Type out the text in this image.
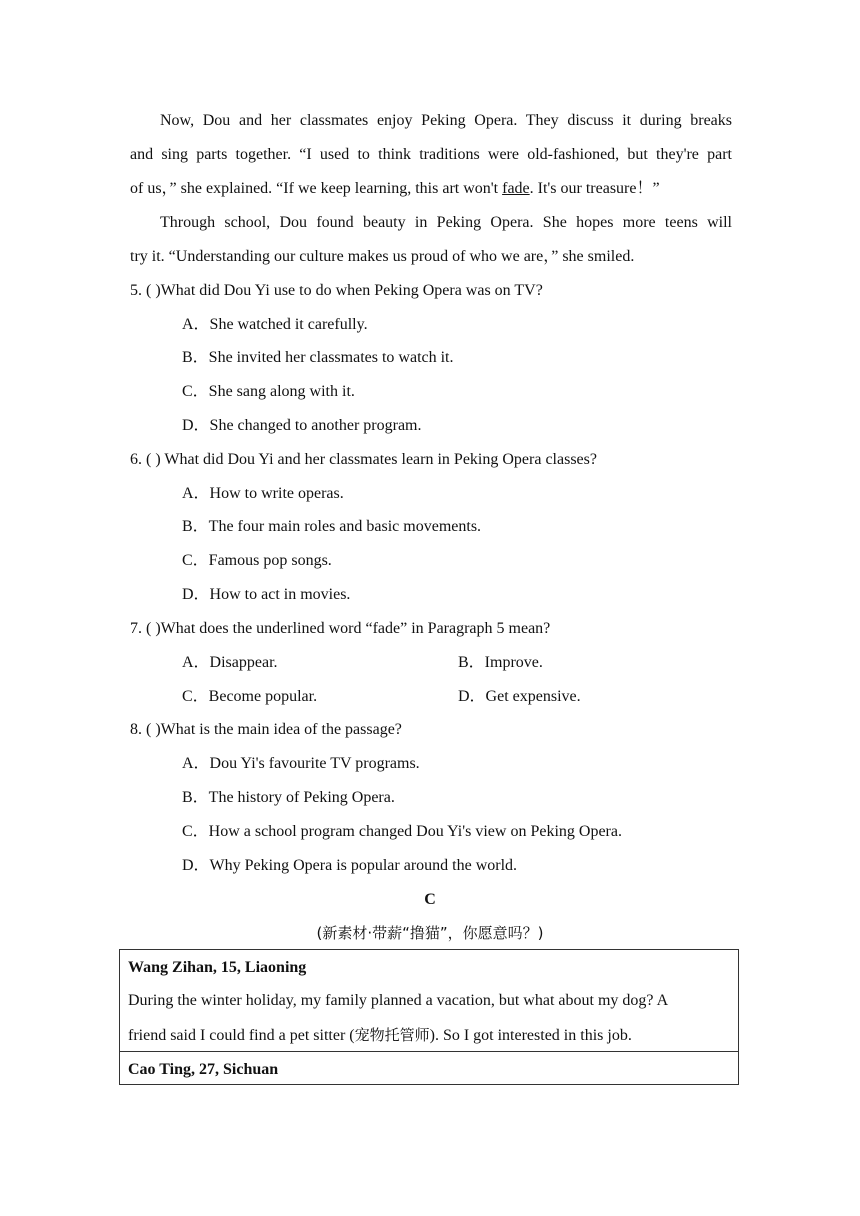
Now, Dou and her classmates enjoy Peking Opera. They discuss it during breaks
and sing parts together. “I used to think traditions were old-fashioned, but they're part
of us，” she explained. “If we keep learning, this art won't fade. It's our treasure！”
Through school, Dou found beauty in Peking Opera. She hopes more teens will
try it. “Understanding our culture makes us proud of who we are，” she smiled.
5. ( )What did Dou Yi use to do when Peking Opera was on TV?
A．She watched it carefully.
B．She invited her classmates to watch it.
C．She sang along with it.
D．She changed to another program.
6. ( ) What did Dou Yi and her classmates learn in Peking Opera classes?
A．How to write operas.
B．The four main roles and basic movements.
C．Famous pop songs.
D．How to act in movies.
7. ( )What does the underlined word “fade” in Paragraph 5 mean?
A．Disappear.	B．Improve.
C．Become popular.	D．Get expensive.
8. ( )What is the main idea of the passage?
A．Dou Yi's favourite TV programs.
B．The history of Peking Opera.
C．How a school program changed Dou Yi's view on Peking Opera.
D．Why Peking Opera is popular around the world.
C
(新素材·带薪“撸猫”，你愿意吗？)
Wang Zihan, 15, Liaoning
During the winter holiday, my family planned a vacation, but what about my dog? A
friend said I could find a pet sitter (宠物托管师). So I got interested in this job.
Cao Ting, 27, Sichuan
